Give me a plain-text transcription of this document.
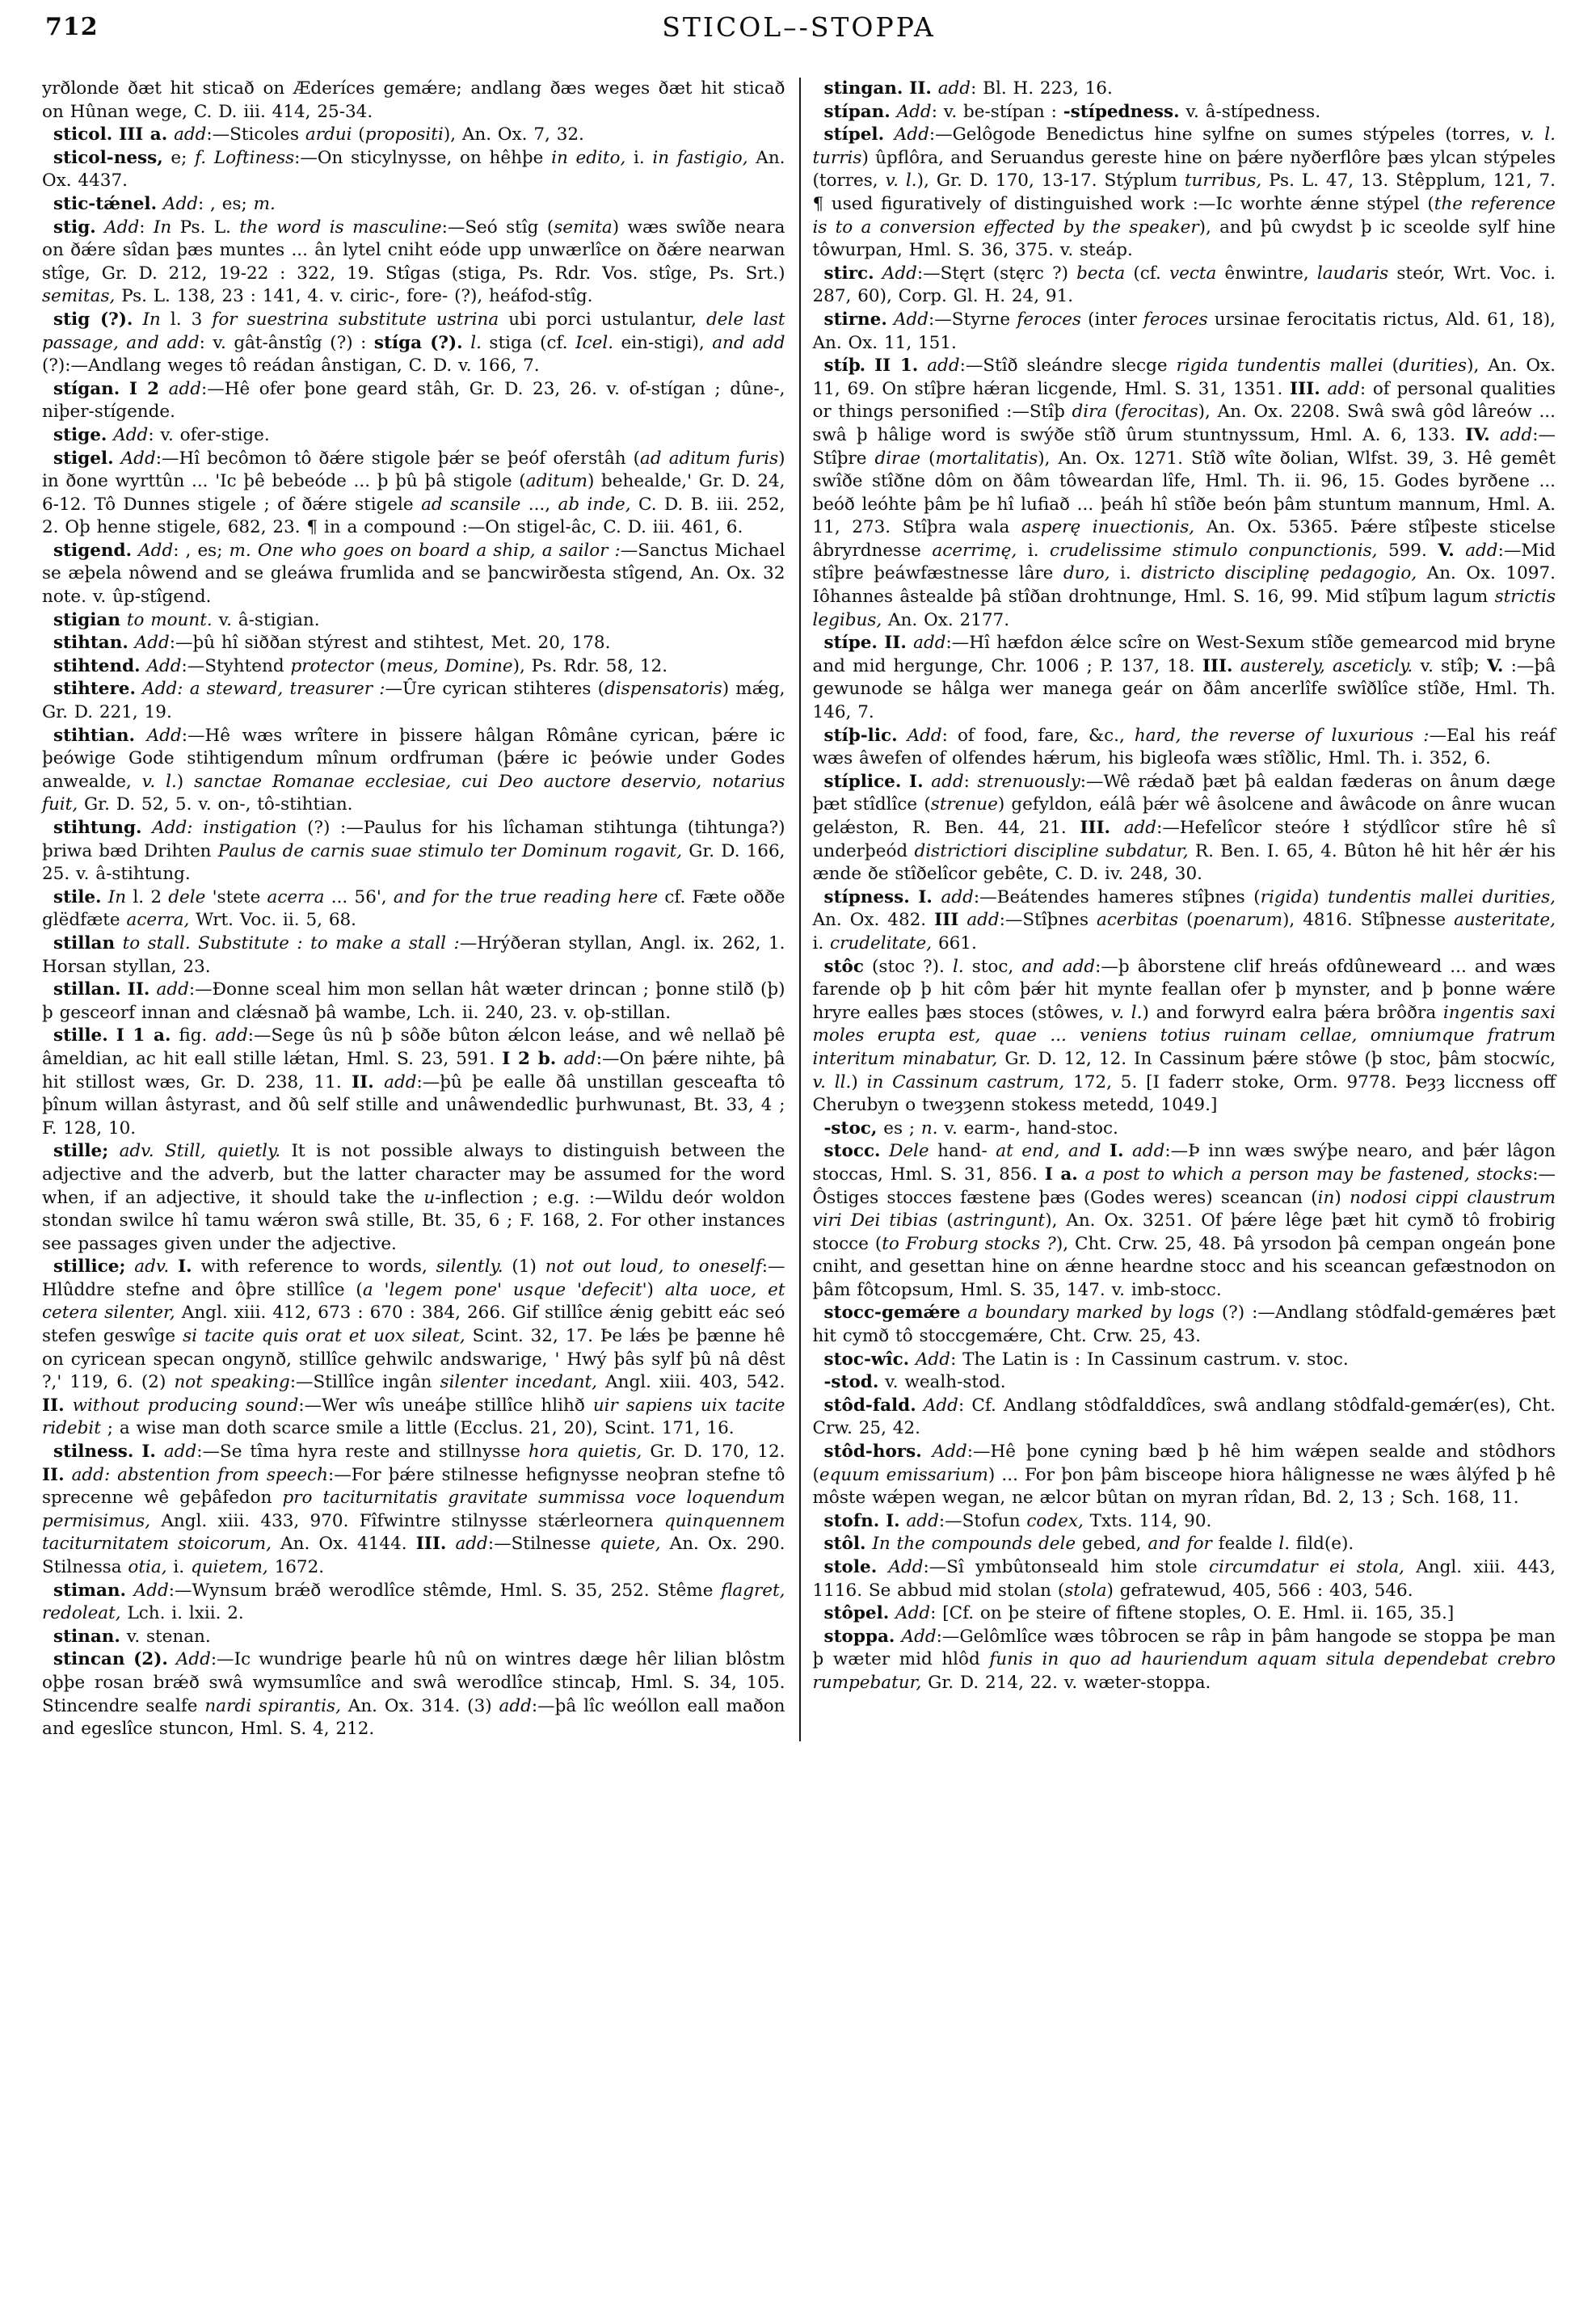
712	STICOL–-STOPPA

yrðlonde ðæt hit sticað on Æderíces gemǽre; andlang ðæs weges ðæt hit sticað on Hûnan wege, C. D. iii. 414, 25-34.

sticol. III a. add:—Sticoles ardui (propositi), An. Ox. 7, 32.

sticol-ness, e; f. Loftiness:—On sticylnysse, on hêhþe in edito, i. in fastigio, An. Ox. 4437.

stic-tǽnel. Add: , es; m.

stig. Add: In Ps. L. the word is masculine:—Seó stîg (semita) wæs swîðe neara on ðǽre sîdan þæs muntes ... ân lytel cniht eóde upp unwærlîce on ðǽre nearwan stîge, Gr. D. 212, 19-22 : 322, 19. Stîgas (stiga, Ps. Rdr. Vos. stîge, Ps. Srt.) semitas, Ps. L. 138, 23 : 141, 4. v. ciric-, fore- (?), heáfod-stîg.

stig (?). In l. 3 for suestrina substitute ustrina ubi porci ustulantur, dele last passage, and add: v. gât-ânstîg (?) : stíga (?). l. stiga (cf. Icel. ein-stigi), and add (?):—Andlang weges tô reádan ânstigan, C. D. v. 166, 7.

stígan. I 2 add:—Hê ofer þone geard stâh, Gr. D. 23, 26. v. of-stígan ; dûne-, niþer-stígende.

stige. Add: v. ofer-stige.

stigel. Add:—Hî becômon tô ðǽre stigole þǽr se þeóf oferstâh (ad aditum furis) in ðone wyrttûn ... 'Ic þê bebeóde ... þ þû þâ stigole (aditum) behealde,' Gr. D. 24, 6-12. Tô Dunnes stigele ; of ðǽre stigele ad scansile ..., ab inde, C. D. B. iii. 252, 2. Oþ henne stigele, 682, 23. ¶ in a compound :—On stigel-âc, C. D. iii. 461, 6.

stigend. Add: , es; m. One who goes on board a ship, a sailor :—Sanctus Michael se æþela nôwend and se gleáwa frumlida and se þancwirðesta stîgend, An. Ox. 32 note. v. ûp-stîgend.

stigian to mount. v. â-stigian.

stihtan. Add:—þû hî siððan stýrest and stihtest, Met. 20, 178.

stihtend. Add:—Styhtend protector (meus, Domine), Ps. Rdr. 58, 12.

stihtere. Add: a steward, treasurer :—Ûre cyrican stihteres (dispensatoris) mǽg, Gr. D. 221, 19.

stihtian. Add:—Hê wæs wrîtere in þissere hâlgan Rômâne cyrican, þǽre ic þeówige Gode stihtigendum mînum ordfruman (þǽre ic þeówie under Godes anwealde, v. l.) sanctae Romanae ecclesiae, cui Deo auctore deservio, notarius fuit, Gr. D. 52, 5. v. on-, tô-stihtian.

stihtung. Add: instigation (?) :—Paulus for his lîchaman stihtunga (tihtunga?) þriwa bæd Drihten Paulus de carnis suae stimulo ter Dominum rogavit, Gr. D. 166, 25. v. â-stihtung.

stile. In l. 2 dele 'stete acerra ... 56', and for the true reading here cf. Fæte oððe glëdfæte acerra, Wrt. Voc. ii. 5, 68.

stillan to stall. Substitute : to make a stall :—Hrýðeran styllan, Angl. ix. 262, 1. Horsan styllan, 23.

stillan. II. add:—Ðonne sceal him mon sellan hât wæter drincan ; þonne stilð (þ) þ gesceorf innan and clǽsnað þâ wambe, Lch. ii. 240, 23. v. oþ-stillan.

stille. I 1 a. fig. add:—Sege ûs nû þ sôðe bûton ǽlcon leáse, and wê nellað þê âmeldian, ac hit eall stille lǽtan, Hml. S. 23, 591. I 2 b. add:—On þǽre nihte, þâ hit stillost wæs, Gr. D. 238, 11. II. add:—þû þe ealle ðâ unstillan gesceafta tô þînum willan âstyrast, and ðû self stille and unâwendedlic þurhwunast, Bt. 33, 4 ; F. 128, 10.

stille; adv. Still, quietly. It is not possible always to distinguish between the adjective and the adverb, but the latter character may be assumed for the word when, if an adjective, it should take the u-inflection ; e.g. :—Wildu deór woldon stondan swilce hî tamu wǽron swâ stille, Bt. 35, 6 ; F. 168, 2. For other instances see passages given under the adjective.

stillice; adv. I. with reference to words, silently. (1) not out loud, to oneself:—Hlûddre stefne and ôþre stillîce (a 'legem pone' usque 'defecit') alta uoce, et cetera silenter, Angl. xiii. 412, 673 : 670 : 384, 266. Gif stillîce ǽnig gebitt eác seó stefen geswîge si tacite quis orat et uox sileat, Scint. 32, 17. Þe lǽs þe þænne hê on cyricean specan ongynð, stillîce gehwilc andswarige, ' Hwý þâs sylf þû nâ dêst ?,' 119, 6. (2) not speaking:—Stillîce ingân silenter incedant, Angl. xiii. 403, 542. II. without producing sound:—Wer wîs uneáþe stillîce hlihð uir sapiens uix tacite ridebit ; a wise man doth scarce smile a little (Ecclus. 21, 20), Scint. 171, 16.

stilness. I. add:—Se tîma hyra reste and stillnysse hora quietis, Gr. D. 170, 12. II. add: abstention from speech:—For þǽre stilnesse hefignysse neoþran stefne tô sprecenne wê geþâfedon pro taciturnitatis gravitate summissa voce loquendum permisimus, Angl. xiii. 433, 970. Fîfwintre stilnysse stǽrleornera quinquennem taciturnitatem stoicorum, An. Ox. 4144. III. add:—Stilnesse quiete, An. Ox. 290. Stilnessa otia, i. quietem, 1672.

stiman. Add:—Wynsum brǽð werodlîce stêmde, Hml. S. 35, 252. Stême flagret, redoleat, Lch. i. lxii. 2.

stinan. v. stenan.

stincan (2). Add:—Ic wundrige þearle hû nû on wintres dæge hêr lilian blôstm oþþe rosan brǽð swâ wymsumlîce and swâ werodlîce stincaþ, Hml. S. 34, 105. Stincendre sealfe nardi spirantis, An. Ox. 314. (3) add:—þâ lîc weóllon eall maðon and egeslîce stuncon, Hml. S. 4, 212.

stingan. II. add: Bl. H. 223, 16.

stípan. Add: v. be-stípan : -stípedness. v. â-stípedness.

stípel. Add:—Gelôgode Benedictus hine sylfne on sumes stýpeles (torres, v. l. turris) ûpflôra, and Seruandus gereste hine on þǽre nyðerflôre þæs ylcan stýpeles (torres, v. l.), Gr. D. 170, 13-17. Stýplum turribus, Ps. L. 47, 13. Stêpplum, 121, 7. ¶ used figuratively of distinguished work :—Ic worhte ǽnne stýpel (the reference is to a conversion effected by the speaker), and þû cwydst þ ic sceolde sylf hine tôwurpan, Hml. S. 36, 375. v. steáp.

stirc. Add:—Stęrt (stęrc ?) becta (cf. vecta ênwintre, laudaris steór, Wrt. Voc. i. 287, 60), Corp. Gl. H. 24, 91.

stirne. Add:—Styrne feroces (inter feroces ursinae ferocitatis rictus, Ald. 61, 18), An. Ox. 11, 151.

stíþ. II 1. add:—Stîð sleándre slecge rigida tundentis mallei (durities), An. Ox. 11, 69. On stîþre hǽran licgende, Hml. S. 31, 1351. III. add: of personal qualities or things personified :—Stîþ dira (ferocitas), An. Ox. 2208. Swâ swâ gôd lâreów ... swâ þ hâlige word is swýðe stîð ûrum stuntnyssum, Hml. A. 6, 133. IV. add:—Stîþre dirae (mortalitatis), An. Ox. 1271. Stîð wîte ðolian, Wlfst. 39, 3. Hê gemêt swîðe stîðne dôm on ðâm tôweardan lîfe, Hml. Th. ii. 96, 15. Godes byrðene ... beóð leóhte þâm þe hî lufiað ... þeáh hî stîðe beón þâm stuntum mannum, Hml. A. 11, 273. Stîþra wala asperę inuectionis, An. Ox. 5365. Þǽre stîþeste sticelse âbryrdnesse acerrimę, i. crudelissime stimulo conpunctionis, 599. V. add:—Mid stîþre þeáwfæstnesse lâre duro, i. districto disciplinę pedagogio, An. Ox. 1097. Iôhannes âstealde þâ stîðan drohtnunge, Hml. S. 16, 99. Mid stîþum lagum strictis legibus, An. Ox. 2177.

stípe. II. add:—Hî hæfdon ǽlce scîre on West-Sexum stîðe gemearcod mid bryne and mid hergunge, Chr. 1006 ; P. 137, 18. III. austerely, asceticly. v. stîþ; V. :—þâ gewunode se hâlga wer manega geár on ðâm ancerlîfe swîðlîce stîðe, Hml. Th. 146, 7.

stíþ-lic. Add: of food, fare, &c., hard, the reverse of luxurious :—Eal his reáf wæs âwefen of olfendes hǽrum, his bigleofa wæs stîðlic, Hml. Th. i. 352, 6.

stíplice. I. add: strenuously:—Wê rǽdað þæt þâ ealdan fæderas on ânum dæge þæt stîdlîce (strenue) gefyldon, eálâ þǽr wê âsolcene and âwâcode on ânre wucan gelǽston, R. Ben. 44, 21. III. add:—Hefelîcor steóre ł stýdlîcor stîre hê sî underþeód districtiori discipline subdatur, R. Ben. I. 65, 4. Bûton hê hit hêr ǽr his ænde ðe stîðelîcor gebête, C. D. iv. 248, 30.

stípness. I. add:—Beátendes hameres stîþnes (rigida) tundentis mallei durities, An. Ox. 482. III add:—Stîþnes acerbitas (poenarum), 4816. Stîþnesse austeritate, i. crudelitate, 661.

stôc (stoc ?). l. stoc, and add:—þ âborstene clif hreás ofdûneweard ... and wæs farende oþ þ hit côm þǽr hit mynte feallan ofer þ mynster, and þ þonne wǽre hryre ealles þæs stoces (stôwes, v. l.) and forwyrd ealra þǽra brôðra ingentis saxi moles erupta est, quae ... veniens totius ruinam cellae, omniumque fratrum interitum minabatur, Gr. D. 12, 12. In Cassinum þǽre stôwe (þ stoc, þâm stocwíc, v. ll.) in Cassinum castrum, 172, 5. [I faderr stoke, Orm. 9778. Þeȝȝ liccness off Cherubyn o tweȝȝenn stokess metedd, 1049.]

-stoc, es ; n. v. earm-, hand-stoc.

stocc. Dele hand- at end, and I. add:—Þ inn wæs swýþe nearo, and þǽr lâgon stoccas, Hml. S. 31, 856. I a. a post to which a person may be fastened, stocks:—Ôstiges stocces fæstene þæs (Godes weres) sceancan (in) nodosi cippi claustrum viri Dei tibias (astringunt), An. Ox. 3251. Of þǽre lêge þæt hit cymð tô frobirig stocce (to Froburg stocks ?), Cht. Crw. 25, 48. Þâ yrsodon þâ cempan ongeán þone cniht, and gesettan hine on ǽnne heardne stocc and his sceancan gefæstnodon on þâm fôtcopsum, Hml. S. 35, 147. v. imb-stocc.

stocc-gemǽre a boundary marked by logs (?) :—Andlang stôdfald-gemǽres þæt hit cymð tô stoccgemǽre, Cht. Crw. 25, 43.

stoc-wîc. Add: The Latin is : In Cassinum castrum. v. stoc.

-stod. v. wealh-stod.

stôd-fald. Add: Cf. Andlang stôdfalddîces, swâ andlang stôdfald-gemǽr(es), Cht. Crw. 25, 42.

stôd-hors. Add:—Hê þone cyning bæd þ hê him wǽpen sealde and stôdhors (equum emissarium) ... For þon þâm bisceope hiora hâlignesse ne wæs âlýfed þ hê môste wǽpen wegan, ne ælcor bûtan on myran rîdan, Bd. 2, 13 ; Sch. 168, 11.

stofn. I. add:—Stofun codex, Txts. 114, 90.

stôl. In the compounds dele gebed, and for fealde l. fild(e).

stole. Add:—Sî ymbûtonseald him stole circumdatur ei stola, Angl. xiii. 443, 1116. Se abbud mid stolan (stola) gefratewud, 405, 566 : 403, 546.

stôpel. Add: [Cf. on þe steire of fiftene stoples, O. E. Hml. ii. 165, 35.]

stoppa. Add:—Gelômlîce wæs tôbrocen se râp in þâm hangode se stoppa þe man þ wæter mid hlôd funis in quo ad hauriendum aquam situla dependebat crebro rumpebatur, Gr. D. 214, 22. v. wæter-stoppa.
